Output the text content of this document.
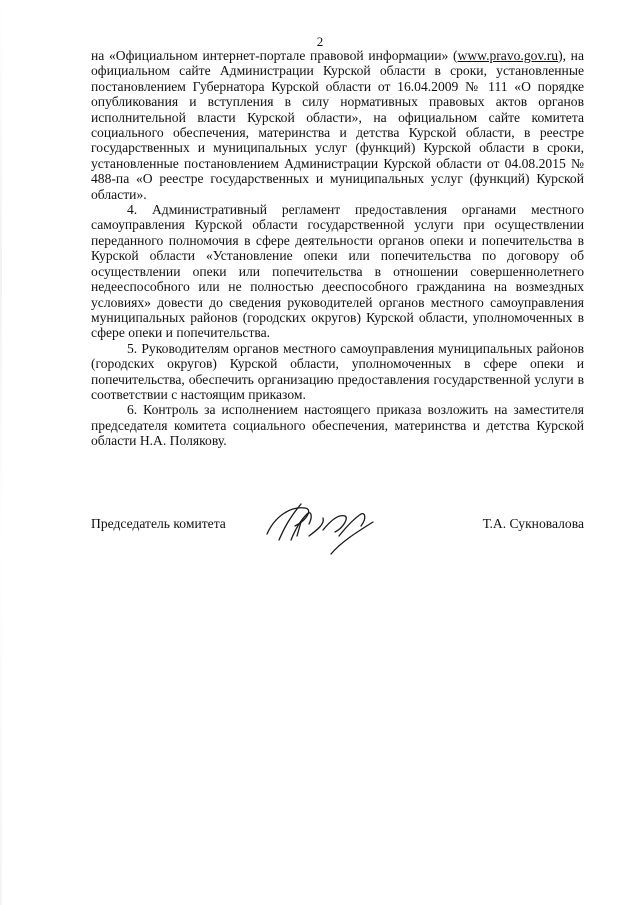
2

на «Официальном интернет-портале правовой информации» (www.pravo.gov.ru), на официальном сайте Администрации Курской области в сроки, установленные постановлением Губернатора Курской области от 16.04.2009 № 111 «О порядке опубликования и вступления в силу нормативных правовых актов органов исполнительной власти Курской области», на официальном сайте комитета социального обеспечения, материнства и детства Курской области, в реестре государственных и муниципальных услуг (функций) Курской области в сроки, установленные постановлением Администрации Курской области от 04.08.2015 № 488-па «О реестре государственных и муниципальных услуг (функций) Курской области».

4. Административный регламент предоставления органами местного самоуправления Курской области государственной услуги при осуществлении переданного полномочия в сфере деятельности органов опеки и попечительства в Курской области «Установление опеки или попечительства по договору об осуществлении опеки или попечительства в отношении совершеннолетнего недееспособного или не полностью дееспособного гражданина на возмездных условиях» довести до сведения руководителей органов местного самоуправления муниципальных районов (городских округов) Курской области, уполномоченных в сфере опеки и попечительства.

5. Руководителям органов местного самоуправления муниципальных районов (городских округов) Курской области, уполномоченных в сфере опеки и попечительства, обеспечить организацию предоставления государственной услуги в соответствии с настоящим приказом.

6. Контроль за исполнением настоящего приказа возложить на заместителя председателя комитета социального обеспечения, материнства и детства Курской области Н.А. Полякову.

Председатель комитета	Т.А. Сукновалова
